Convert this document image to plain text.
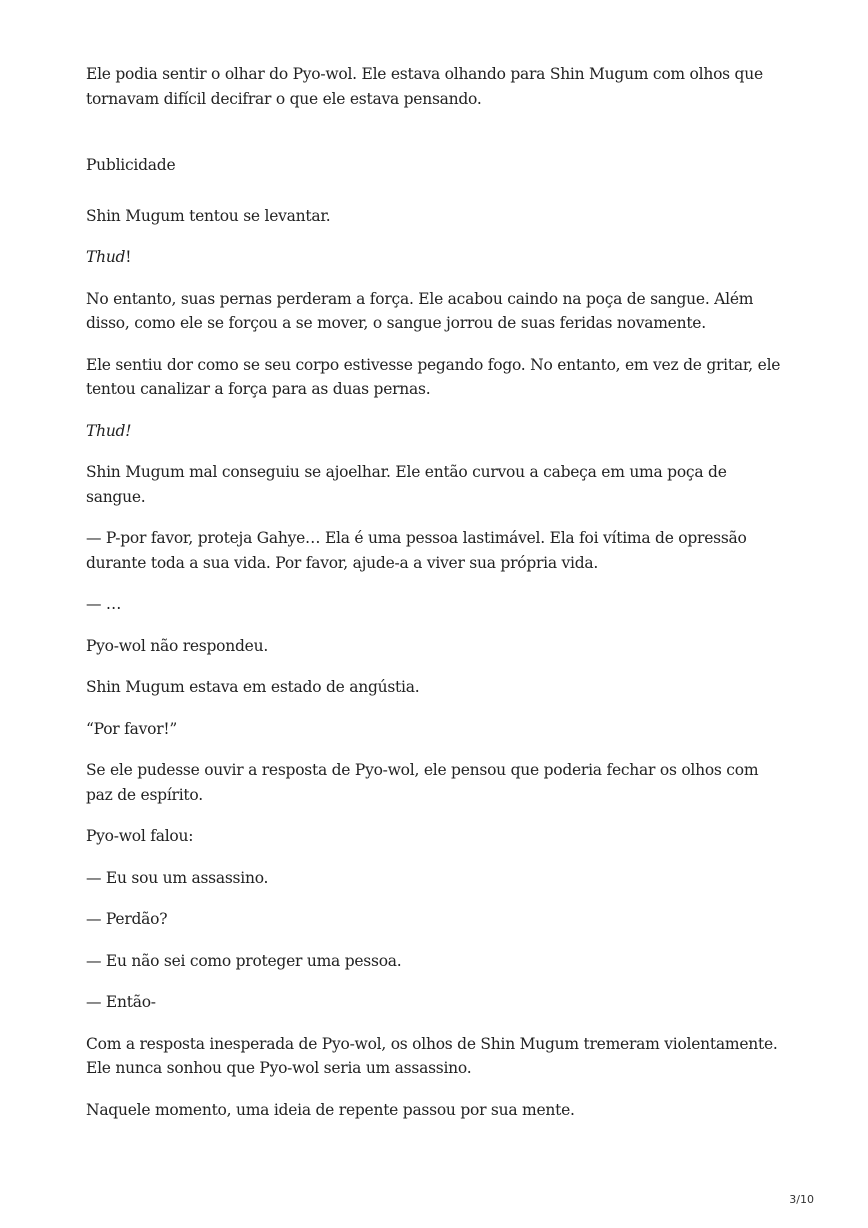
Ele podia sentir o olhar do Pyo-wol. Ele estava olhando para Shin Mugum com olhos que tornavam difícil decifrar o que ele estava pensando.

Publicidade

Shin Mugum tentou se levantar.

Thud!

No entanto, suas pernas perderam a força. Ele acabou caindo na poça de sangue. Além disso, como ele se forçou a se mover, o sangue jorrou de suas feridas novamente.

Ele sentiu dor como se seu corpo estivesse pegando fogo. No entanto, em vez de gritar, ele tentou canalizar a força para as duas pernas.

Thud!

Shin Mugum mal conseguiu se ajoelhar. Ele então curvou a cabeça em uma poça de sangue.

— P-por favor, proteja Gahye… Ela é uma pessoa lastimável. Ela foi vítima de opressão durante toda a sua vida. Por favor, ajude-a a viver sua própria vida.

— …

Pyo-wol não respondeu.

Shin Mugum estava em estado de angústia.

“Por favor!”

Se ele pudesse ouvir a resposta de Pyo-wol, ele pensou que poderia fechar os olhos com paz de espírito.

Pyo-wol falou:

— Eu sou um assassino.

— Perdão?

— Eu não sei como proteger uma pessoa.

— Então-

Com a resposta inesperada de Pyo-wol, os olhos de Shin Mugum tremeram violentamente. Ele nunca sonhou que Pyo-wol seria um assassino.

Naquele momento, uma ideia de repente passou por sua mente.

3/10
